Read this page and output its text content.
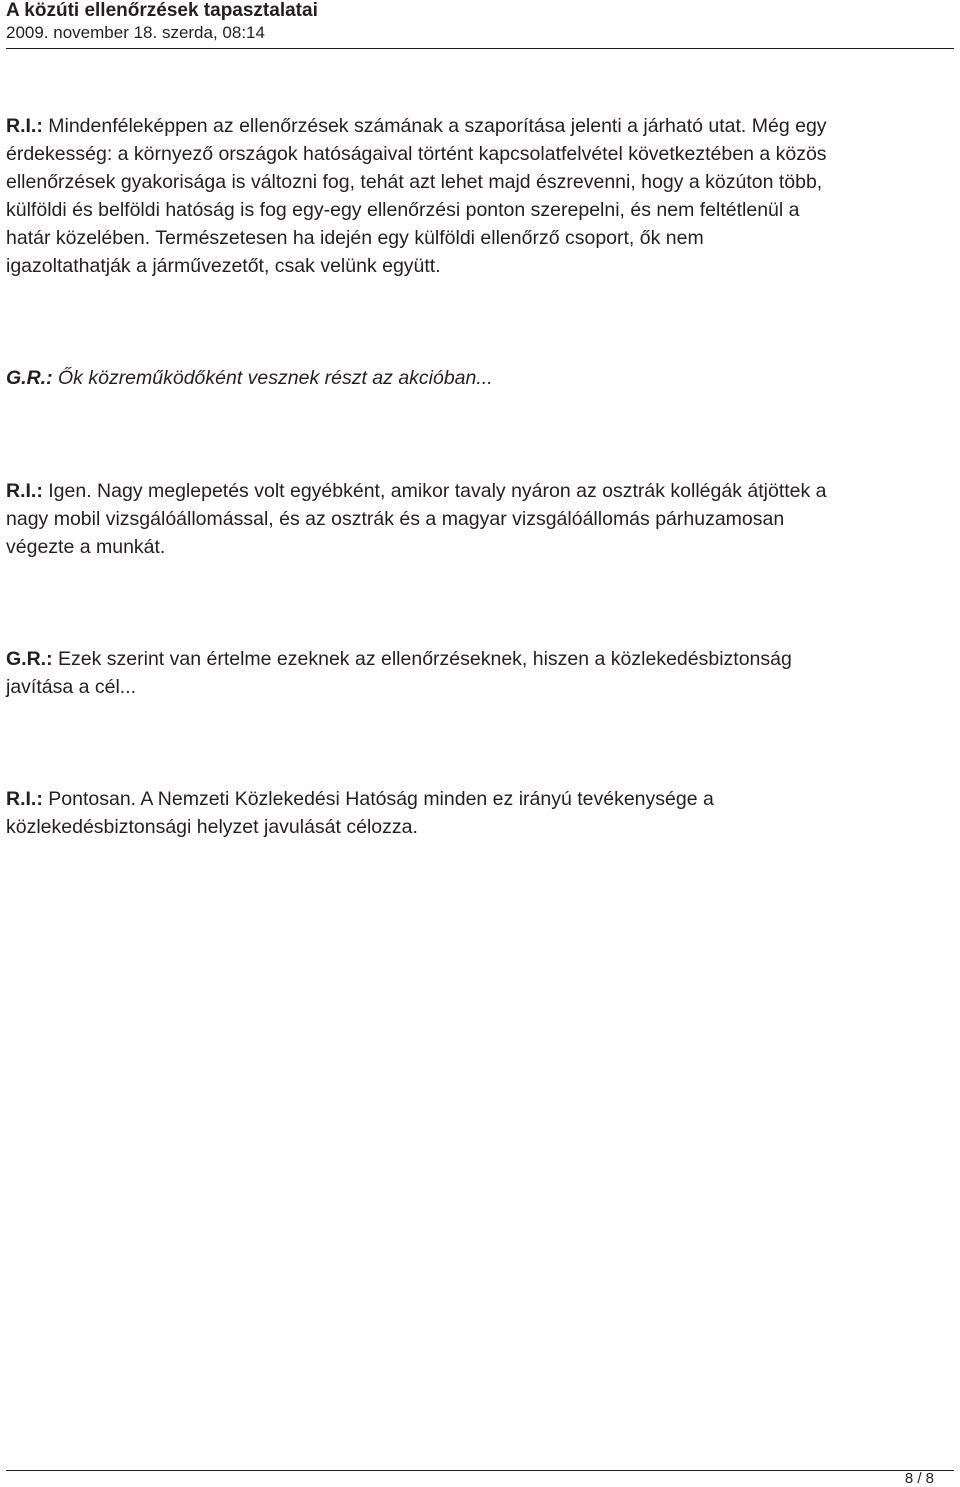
A közúti ellenőrzések tapasztalatai
2009. november 18. szerda, 08:14

R.I.: Mindenféleképpen az ellenőrzések számának a szaporítása jelenti a járható utat. Még egy
érdekesség: a környező országok hatóságaival történt kapcsolatfelvétel következtében a közös
ellenőrzések gyakorisága is változni fog, tehát azt lehet majd észrevenni, hogy a közúton több,
külföldi és belföldi hatóság is fog egy-egy ellenőrzési ponton szerepelni, és nem feltétlenül a
határ közelében. Természetesen ha idején egy külföldi ellenőrző csoport, ők nem
igazoltathatják a járművezetőt, csak velünk együtt.

G.R.: Ők közreműködőként vesznek részt az akcióban...

R.I.: Igen. Nagy meglepetés volt egyébként, amikor tavaly nyáron az osztrák kollégák átjöttek a
nagy mobil vizsgálóállomással, és az osztrák és a magyar vizsgálóállomás párhuzamosan
végezte a munkát.

G.R.: Ezek szerint van értelme ezeknek az ellenőrzéseknek, hiszen a közlekedésbiztonság
javítása a cél...

R.I.: Pontosan. A Nemzeti Közlekedési Hatóság minden ez irányú tevékenysége a
közlekedésbiztonsági helyzet javulását célozza.

8 / 8
